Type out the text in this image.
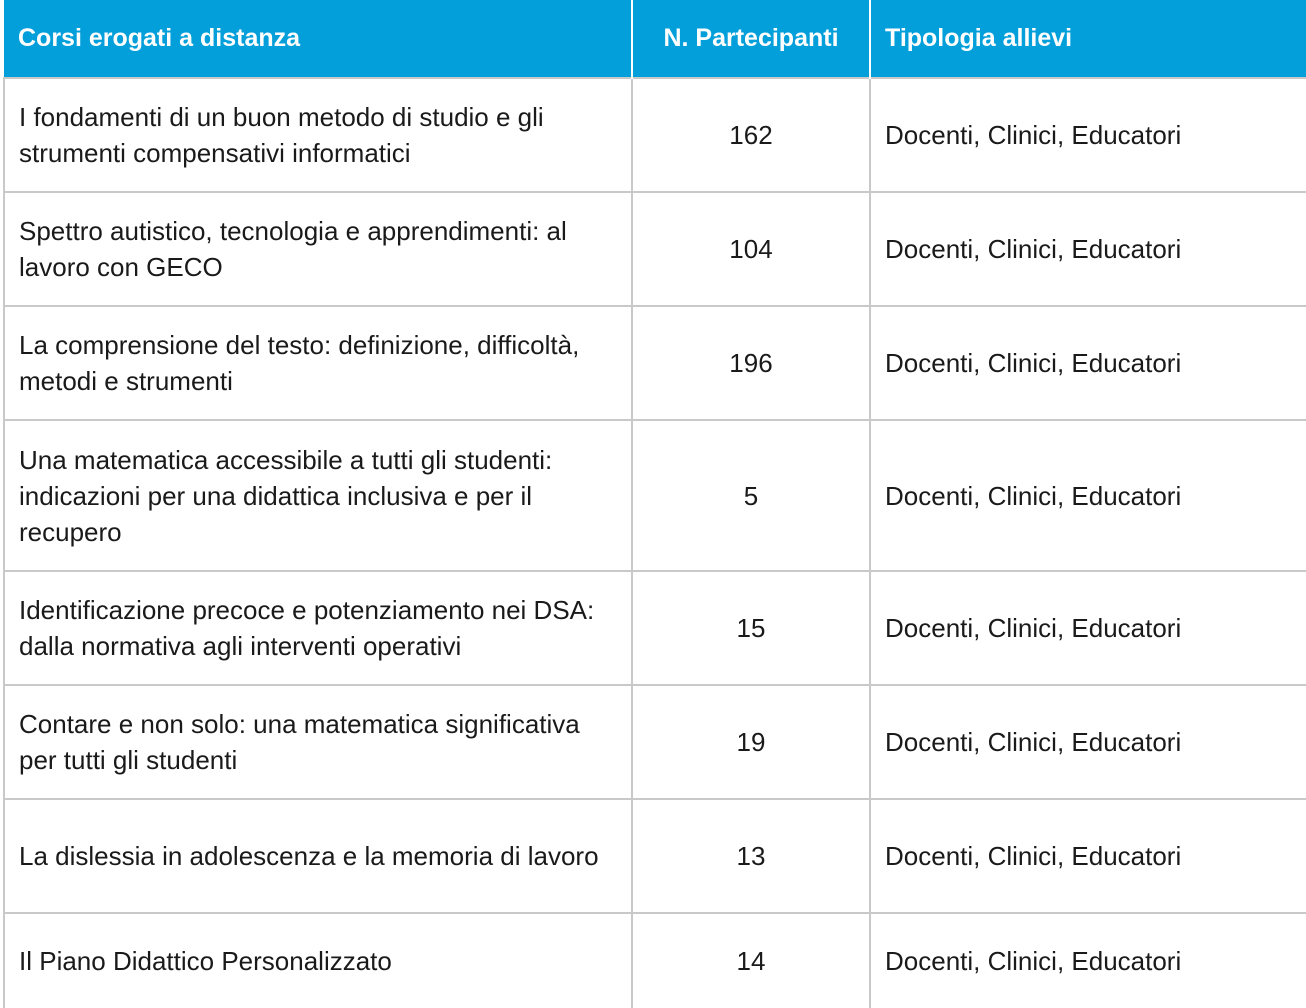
Corsi erogati a distanza	N. Partecipanti	Tipologia allievi
I fondamenti di un buon metodo di studio e gli strumenti compensativi informatici	162	Docenti, Clinici, Educatori
Spettro autistico, tecnologia e apprendimenti: al lavoro con GECO	104	Docenti, Clinici, Educatori
La comprensione del testo: definizione, difficoltà, metodi e strumenti	196	Docenti, Clinici, Educatori
Una matematica accessibile a tutti gli studenti: indicazioni per una didattica inclusiva e per il recupero	5	Docenti, Clinici, Educatori
Identificazione precoce e potenziamento nei DSA: dalla normativa agli interventi operativi	15	Docenti, Clinici, Educatori
Contare e non solo: una matematica significativa per tutti gli studenti	19	Docenti, Clinici, Educatori
La dislessia in adolescenza e la memoria di lavoro	13	Docenti, Clinici, Educatori
Il Piano Didattico Personalizzato	14	Docenti, Clinici, Educatori
